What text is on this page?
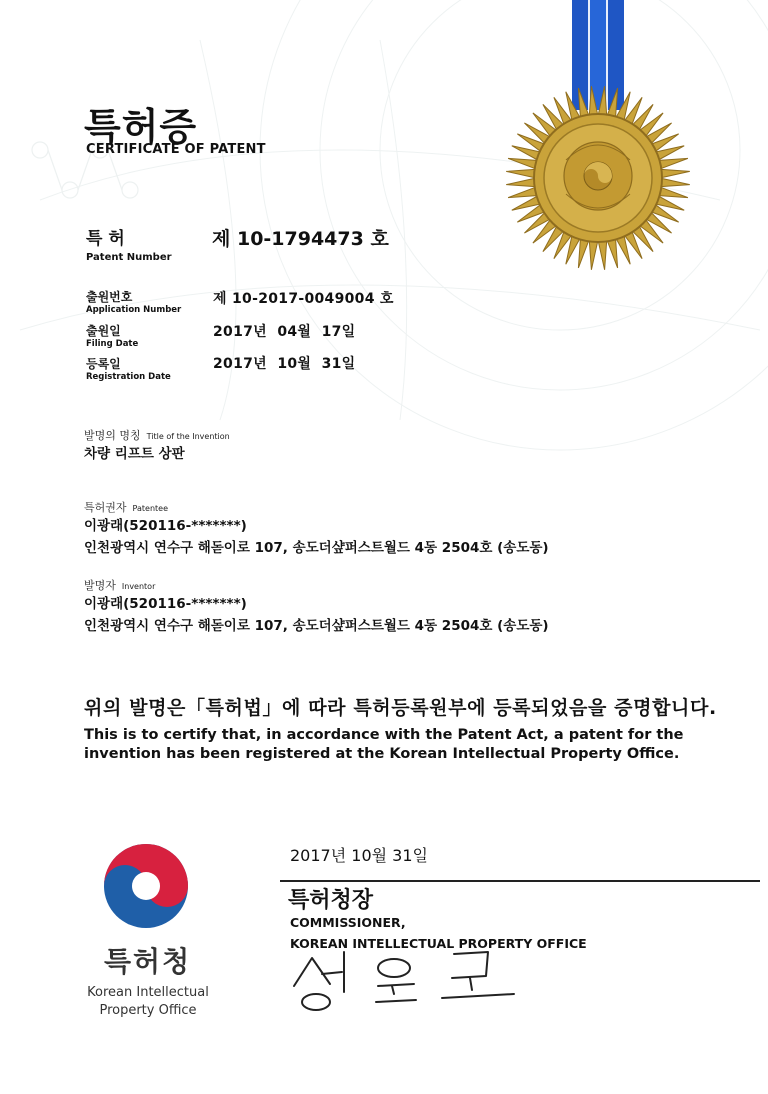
특허증
CERTIFICATE OF PATENT
특 허
Patent Number
제 10-1794473 호
출원번호
Application Number
제 10-2017-0049004 호
출원일
Filing Date
2017년  04월  17일
등록일
Registration Date
2017년  10월  31일
발명의 명칭 Title of the Invention
차량 리프트 상판
특허권자 Patentee
이광래(520116-*******)
인천광역시 연수구 해돋이로 107, 송도더샾퍼스트월드 4동 2504호 (송도동)
발명자 Inventor
이광래(520116-*******)
인천광역시 연수구 해돋이로 107, 송도더샾퍼스트월드 4동 2504호 (송도동)
위의 발명은「특허법」에 따라 특허등록원부에 등록되었음을 증명합니다.
This is to certify that, in accordance with the Patent Act, a patent for the invention has been registered at the Korean Intellectual Property Office.
2017년 10월 31일
특허청장
COMMISSIONER,
KOREAN INTELLECTUAL PROPERTY OFFICE
특허청
Korean Intellectual
Property Office
